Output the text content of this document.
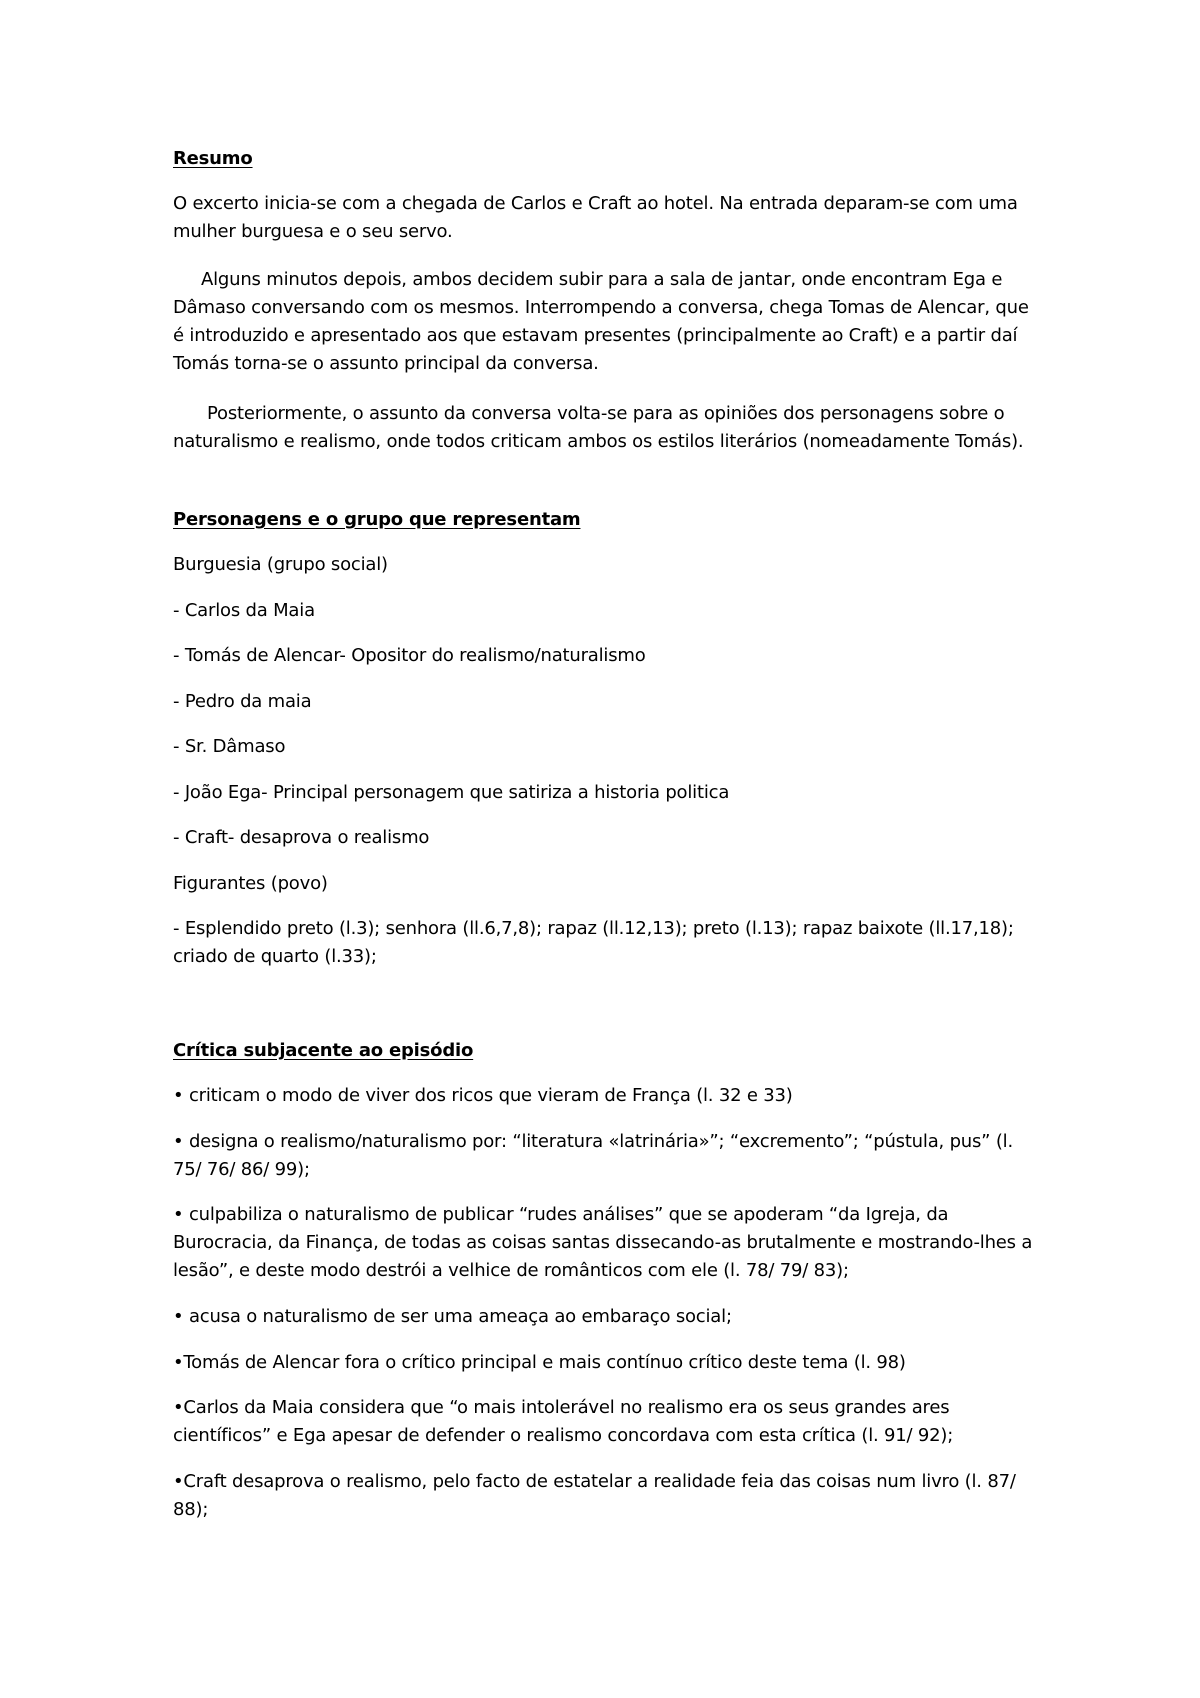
Resumo
O excerto inicia-se com a chegada de Carlos e Craft ao hotel. Na entrada deparam-se com uma mulher burguesa e o seu servo.
Alguns minutos depois, ambos decidem subir para a sala de jantar, onde encontram Ega e Dâmaso conversando com os mesmos. Interrompendo a conversa, chega Tomas de Alencar, que é introduzido e apresentado aos que estavam presentes (principalmente ao Craft) e a partir daí Tomás torna-se o assunto principal da conversa.
Posteriormente, o assunto da conversa volta-se para as opiniões dos personagens sobre o naturalismo e realismo, onde todos criticam ambos os estilos literários (nomeadamente Tomás).
Personagens e o grupo que representam
Burguesia (grupo social)
- Carlos da Maia
- Tomás de Alencar- Opositor do realismo/naturalismo
- Pedro da maia
- Sr. Dâmaso
- João Ega- Principal personagem que satiriza a historia politica
- Craft- desaprova o realismo
Figurantes (povo)
- Esplendido preto (l.3); senhora (ll.6,7,8); rapaz (ll.12,13); preto (l.13); rapaz baixote (ll.17,18); criado de quarto (l.33);
Crítica subjacente ao episódio
• criticam o modo de viver dos ricos que vieram de França (l. 32 e 33)
• designa o realismo/naturalismo por: “literatura «latrinária»”; “excremento”; “pústula, pus” (l. 75/ 76/ 86/ 99);
• culpabiliza o naturalismo de publicar “rudes análises” que se apoderam “da Igreja, da Burocracia, da Finança, de todas as coisas santas dissecando-as brutalmente e mostrando-lhes a lesão”, e deste modo destrói a velhice de românticos com ele (l. 78/ 79/ 83);
• acusa o naturalismo de ser uma ameaça ao embaraço social;
•Tomás de Alencar fora o crítico principal e mais contínuo crítico deste tema (l. 98)
•Carlos da Maia considera que “o mais intolerável no realismo era os seus grandes ares científicos” e Ega apesar de defender o realismo concordava com esta crítica (l. 91/ 92);
•Craft desaprova o realismo, pelo facto de estatelar a realidade feia das coisas num livro (l. 87/ 88);
